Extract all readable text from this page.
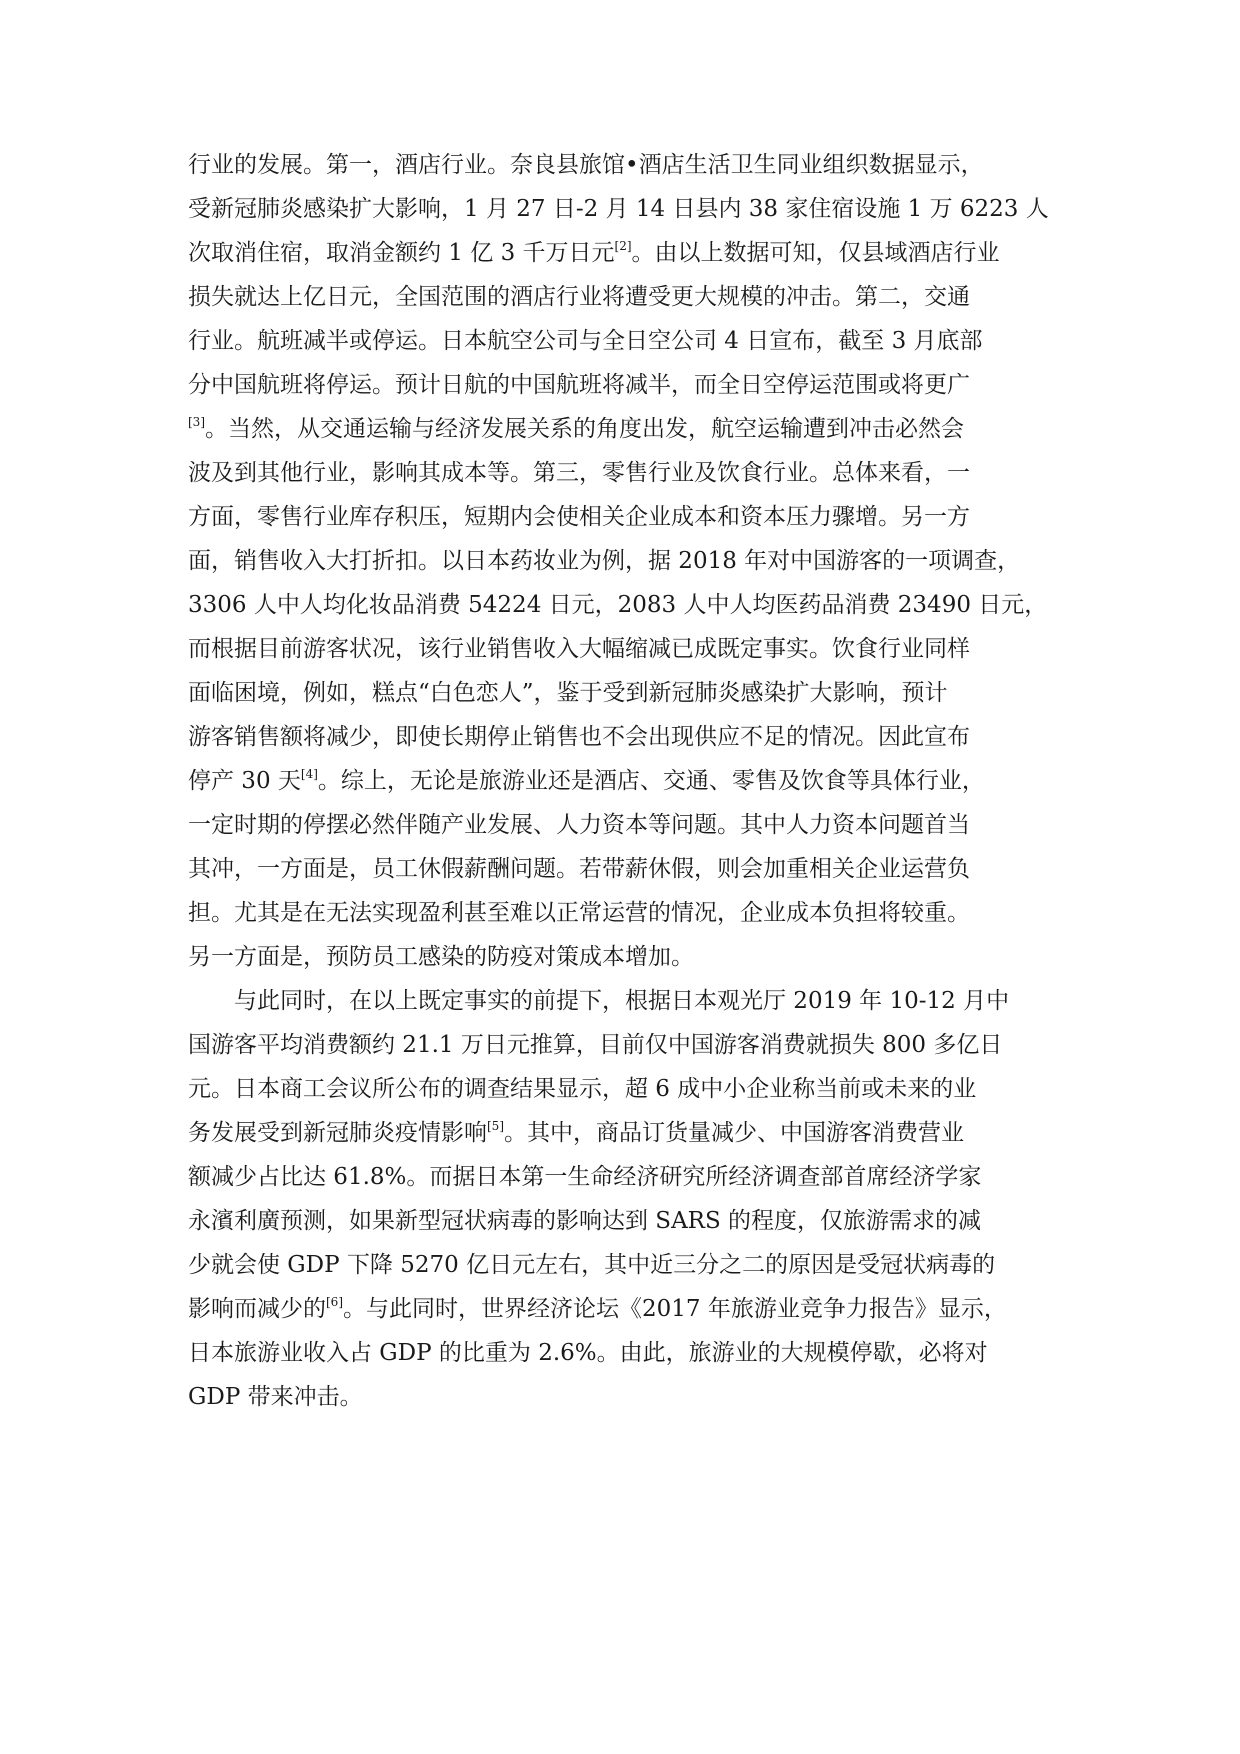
行业的发展。第一，酒店行业。奈良县旅馆•酒店生活卫生同业组织数据显示，
受新冠肺炎感染扩大影响，1 月 27 日-2 月 14 日县内 38 家住宿设施 1 万 6223 人
次取消住宿，取消金额约 1 亿 3 千万日元[2]。由以上数据可知，仅县域酒店行业
损失就达上亿日元，全国范围的酒店行业将遭受更大规模的冲击。第二，交通
行业。航班减半或停运。日本航空公司与全日空公司 4 日宣布，截至 3 月底部
分中国航班将停运。预计日航的中国航班将减半，而全日空停运范围或将更广
[3]。当然，从交通运输与经济发展关系的角度出发，航空运输遭到冲击必然会
波及到其他行业，影响其成本等。第三，零售行业及饮食行业。总体来看，一
方面，零售行业库存积压，短期内会使相关企业成本和资本压力骤增。另一方
面，销售收入大打折扣。以日本药妆业为例，据 2018 年对中国游客的一项调查，
3306 人中人均化妆品消费 54224 日元，2083 人中人均医药品消费 23490 日元，
而根据目前游客状况，该行业销售收入大幅缩减已成既定事实。饮食行业同样
面临困境，例如，糕点“白色恋人”，鉴于受到新冠肺炎感染扩大影响，预计
游客销售额将减少，即使长期停止销售也不会出现供应不足的情况。因此宣布
停产 30 天[4]。综上，无论是旅游业还是酒店、交通、零售及饮食等具体行业，
一定时期的停摆必然伴随产业发展、人力资本等问题。其中人力资本问题首当
其冲，一方面是，员工休假薪酬问题。若带薪休假，则会加重相关企业运营负
担。尤其是在无法实现盈利甚至难以正常运营的情况，企业成本负担将较重。
另一方面是，预防员工感染的防疫对策成本增加。
与此同时，在以上既定事实的前提下，根据日本观光厅 2019 年 10-12 月中
国游客平均消费额约 21.1 万日元推算，目前仅中国游客消费就损失 800 多亿日
元。日本商工会议所公布的调查结果显示，超 6 成中小企业称当前或未来的业
务发展受到新冠肺炎疫情影响[5]。其中，商品订货量减少、中国游客消费营业
额减少占比达 61.8%。而据日本第一生命经济研究所经济调查部首席经济学家
永濱利廣预测，如果新型冠状病毒的影响达到 SARS 的程度，仅旅游需求的减
少就会使 GDP 下降 5270 亿日元左右，其中近三分之二的原因是受冠状病毒的
影响而减少的[6]。与此同时，世界经济论坛《2017 年旅游业竞争力报告》显示，
日本旅游业收入占 GDP 的比重为 2.6%。由此，旅游业的大规模停歇，必将对
GDP 带来冲击。
